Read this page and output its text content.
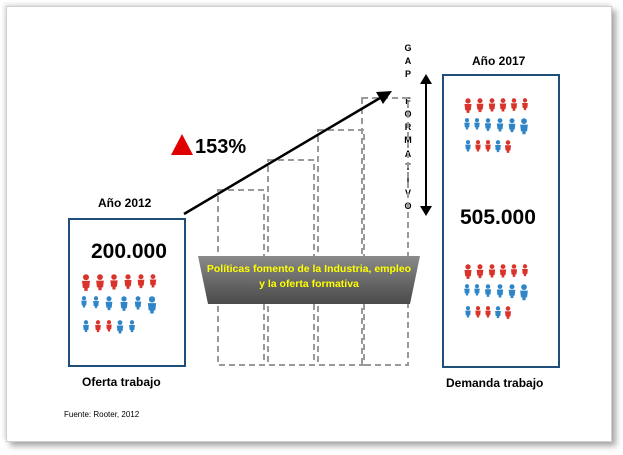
Año 2012
200.000
Oferta trabajo
Año 2017
505.000
Demanda trabajo
G
A
P

F
O
R
M
A
T
I
V
O
153%
Políticas fomento de la Industria, empleo
y la oferta formativa
Fuente: Rooter, 2012
